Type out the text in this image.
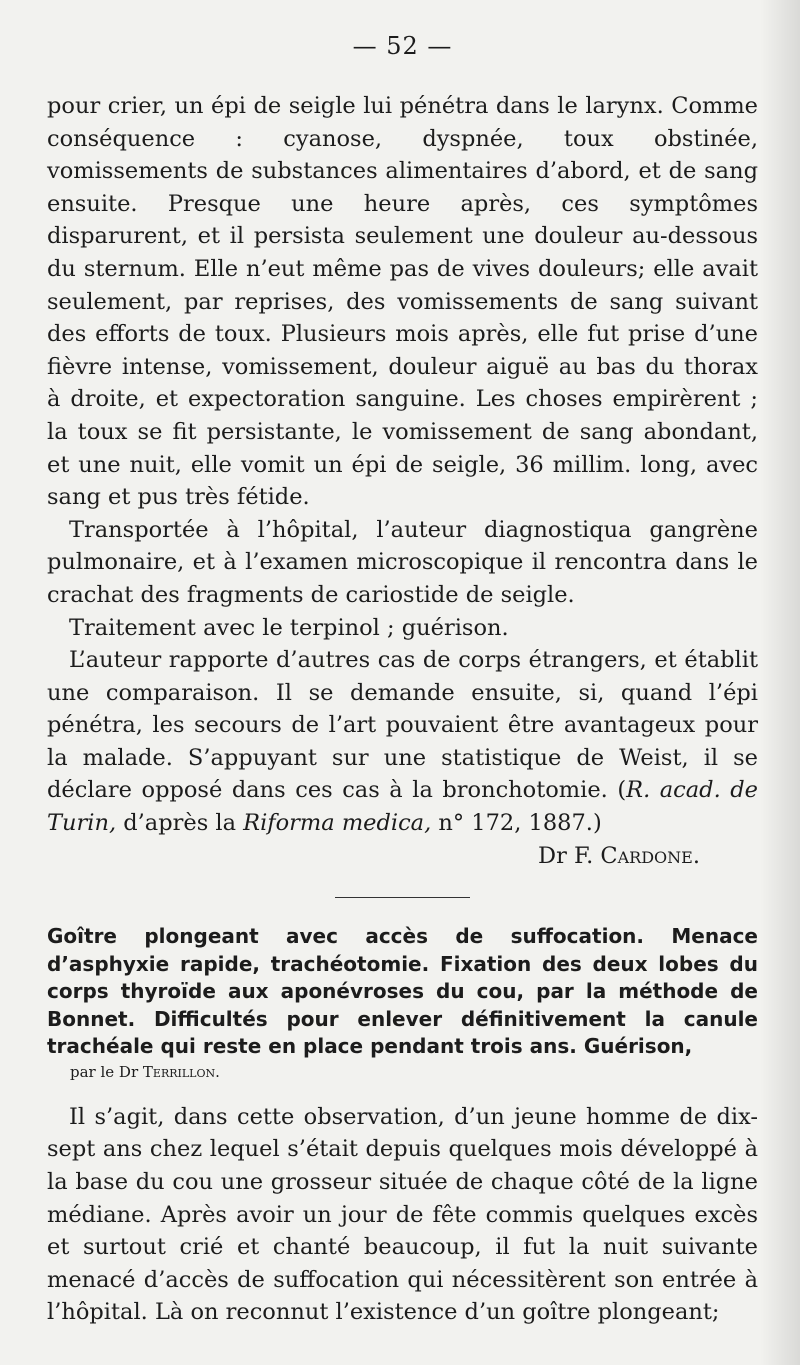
— 52 —

pour crier, un épi de seigle lui pénétra dans le larynx. Comme conséquence : cyanose, dyspnée, toux obstinée, vomissements de substances alimentaires d’abord, et de sang ensuite. Presque une heure après, ces symptômes disparurent, et il persista seulement une douleur au-dessous du sternum. Elle n’eut même pas de vives douleurs; elle avait seulement, par reprises, des vomissements de sang suivant des efforts de toux. Plusieurs mois après, elle fut prise d’une fièvre intense, vomissement, douleur aiguë au bas du thorax à droite, et expectoration sanguine. Les choses empirèrent ; la toux se fit persistante, le vomissement de sang abondant, et une nuit, elle vomit un épi de seigle, 36 millim. long, avec sang et pus très fétide.

Transportée à l’hôpital, l’auteur diagnostiqua gangrène pulmonaire, et à l’examen microscopique il rencontra dans le crachat des fragments de cariostide de seigle.

Traitement avec le terpinol ; guérison.

L’auteur rapporte d’autres cas de corps étrangers, et établit une comparaison. Il se demande ensuite, si, quand l’épi pénétra, les secours de l’art pouvaient être avantageux pour la malade. S’appuyant sur une statistique de Weist, il se déclare opposé dans ces cas à la bronchotomie. (R. acad. de Turin, d’après la Riforma medica, n° 172, 1887.)

Dr F. Cardone.

Goître plongeant avec accès de suffocation. Menace d’asphyxie rapide, trachéotomie. Fixation des deux lobes du corps thyroïde aux aponévroses du cou, par la méthode de Bonnet. Difficultés pour enlever définitivement la canule trachéale qui reste en place pendant trois ans. Guérison,

par le Dr Terrillon.

Il s’agit, dans cette observation, d’un jeune homme de dix-sept ans chez lequel s’était depuis quelques mois développé à la base du cou une grosseur située de chaque côté de la ligne médiane. Après avoir un jour de fête commis quelques excès et surtout crié et chanté beaucoup, il fut la nuit suivante menacé d’accès de suffocation qui nécessitèrent son entrée à l’hôpital. Là on reconnut l’existence d’un goître plongeant;
